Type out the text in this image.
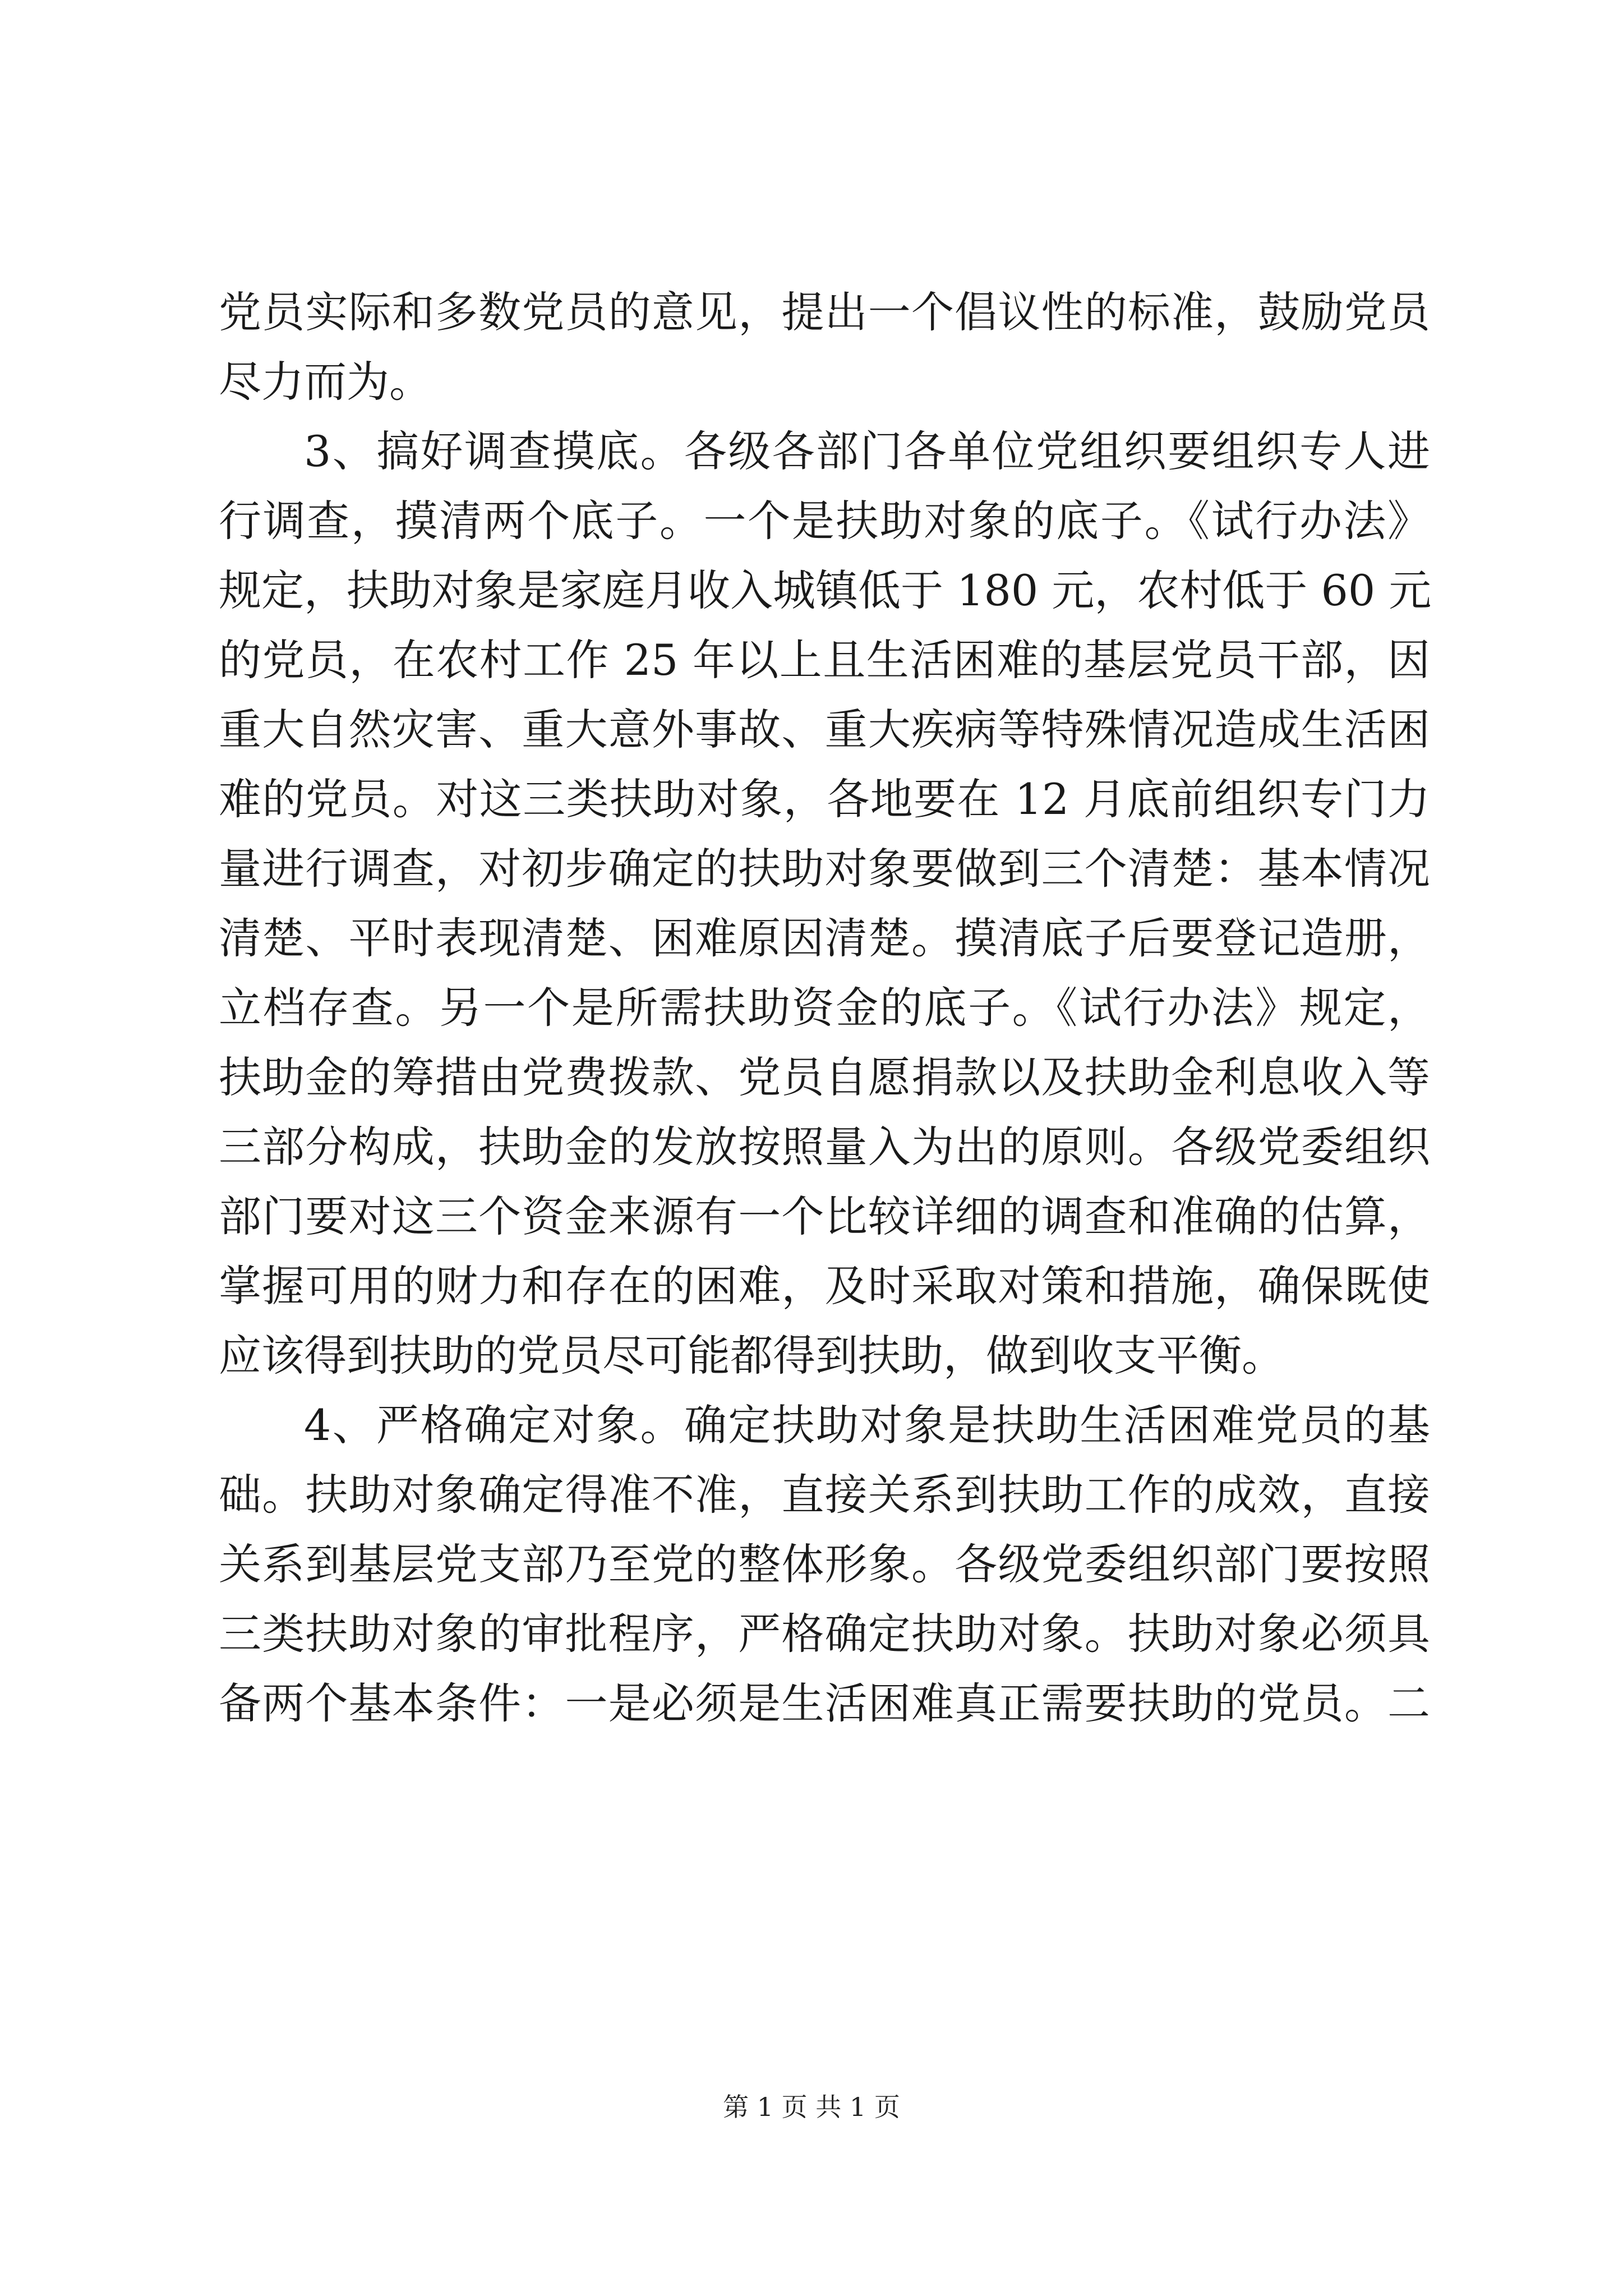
党员实际和多数党员的意见，提出一个倡议性的标准，鼓励党员
尽力而为。
3、搞好调查摸底。各级各部门各单位党组织要组织专人进
行调查，摸清两个底子。一个是扶助对象的底子。《试行办法》
规定，扶助对象是家庭月收入城镇低于 180 元，农村低于 60 元
的党员，在农村工作 25 年以上且生活困难的基层党员干部，因
重大自然灾害、重大意外事故、重大疾病等特殊情况造成生活困
难的党员。对这三类扶助对象，各地要在 12 月底前组织专门力
量进行调查，对初步确定的扶助对象要做到三个清楚：基本情况
清楚、平时表现清楚、困难原因清楚。摸清底子后要登记造册，
立档存查。另一个是所需扶助资金的底子。《试行办法》规定，
扶助金的筹措由党费拨款、党员自愿捐款以及扶助金利息收入等
三部分构成，扶助金的发放按照量入为出的原则。各级党委组织
部门要对这三个资金来源有一个比较详细的调查和准确的估算，
掌握可用的财力和存在的困难，及时采取对策和措施，确保既使
应该得到扶助的党员尽可能都得到扶助，做到收支平衡。
4、严格确定对象。确定扶助对象是扶助生活困难党员的基
础。扶助对象确定得准不准，直接关系到扶助工作的成效，直接
关系到基层党支部乃至党的整体形象。各级党委组织部门要按照
三类扶助对象的审批程序，严格确定扶助对象。扶助对象必须具
备两个基本条件：一是必须是生活困难真正需要扶助的党员。二
第 1 页 共 1 页
